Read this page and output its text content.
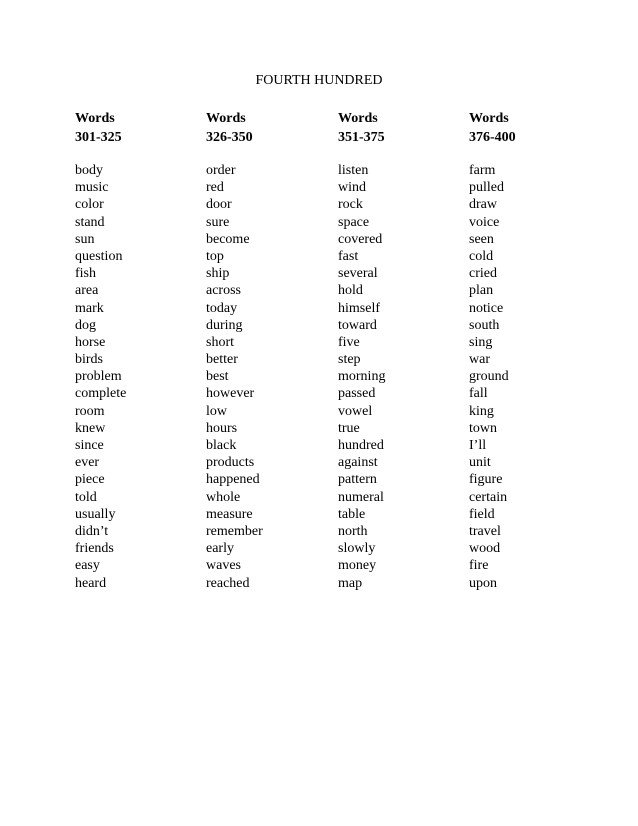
FOURTH HUNDRED
Words
301-325
body
music
color
stand
sun
question
fish
area
mark
dog
horse
birds
problem
complete
room
knew
since
ever
piece
told
usually
didn’t
friends
easy
heard
Words
326-350
order
red
door
sure
become
top
ship
across
today
during
short
better
best
however
low
hours
black
products
happened
whole
measure
remember
early
waves
reached
Words
351-375
listen
wind
rock
space
covered
fast
several
hold
himself
toward
five
step
morning
passed
vowel
true
hundred
against
pattern
numeral
table
north
slowly
money
map
Words
376-400
farm
pulled
draw
voice
seen
cold
cried
plan
notice
south
sing
war
ground
fall
king
town
I’ll
unit
figure
certain
field
travel
wood
fire
upon
